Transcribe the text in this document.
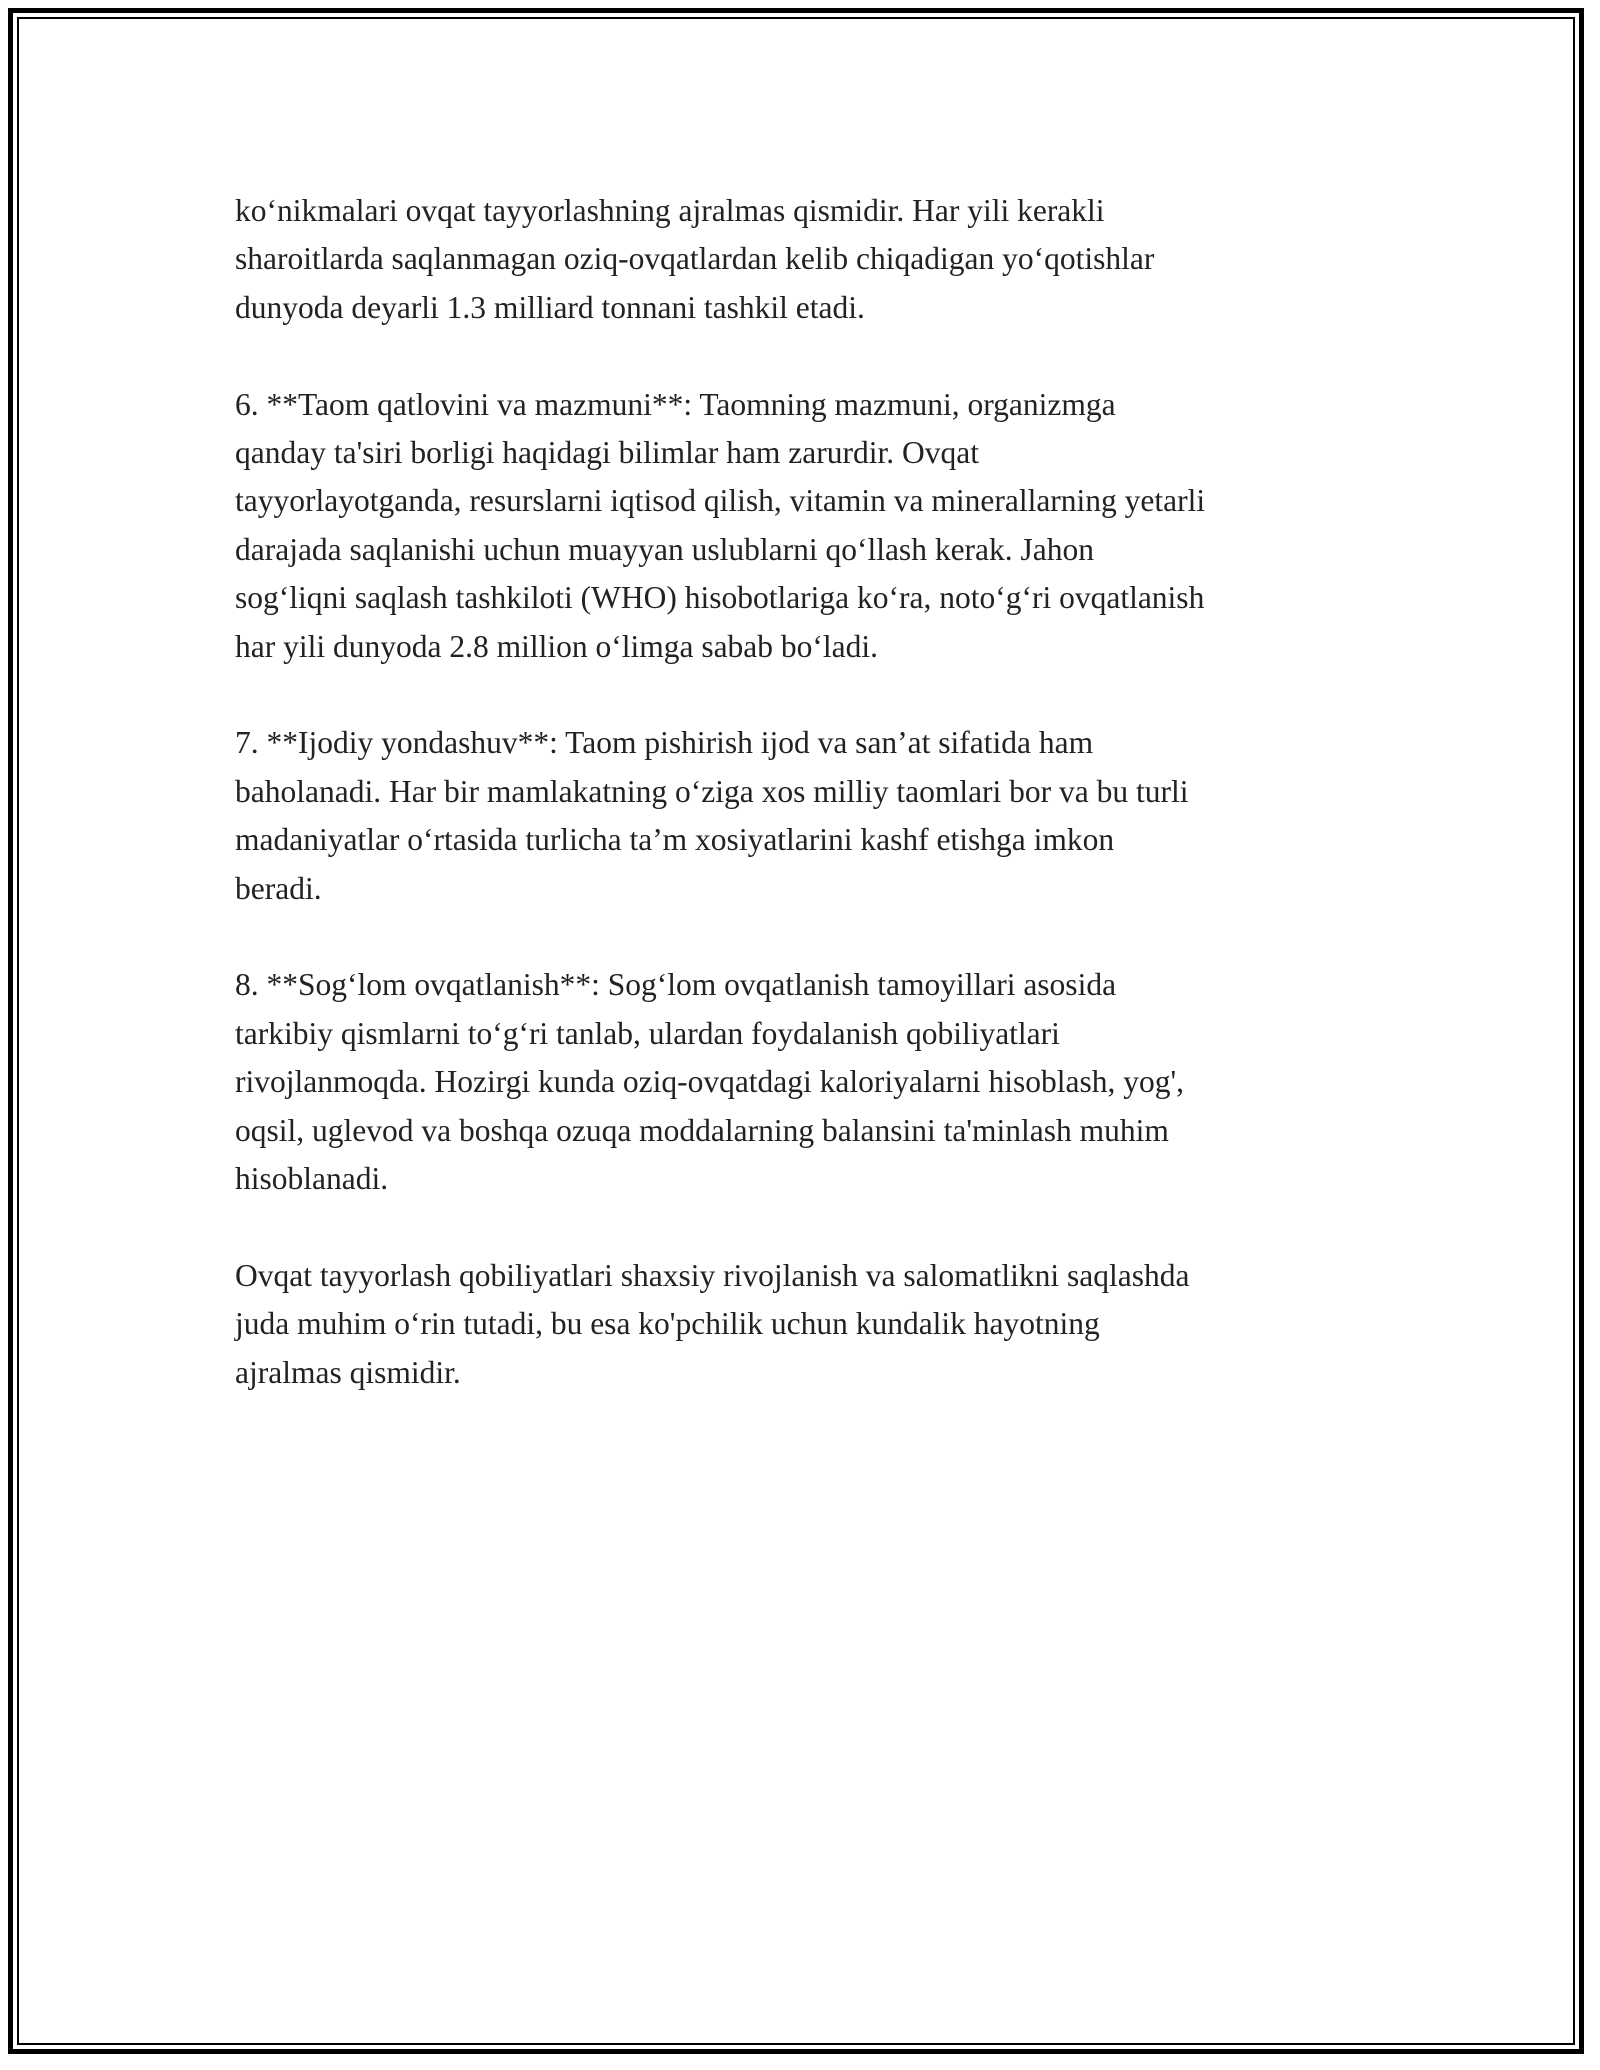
ko‘nikmalari ovqat tayyorlashning ajralmas qismidir. Har yili kerakli
sharoitlarda saqlanmagan oziq-ovqatlardan kelib chiqadigan yo‘qotishlar
dunyoda deyarli 1.3 milliard tonnani tashkil etadi.

6. **Taom qatlovini va mazmuni**: Taomning mazmuni, organizmga
qanday ta'siri borligi haqidagi bilimlar ham zarurdir. Ovqat
tayyorlayotganda, resurslarni iqtisod qilish, vitamin va minerallarning yetarli
darajada saqlanishi uchun muayyan uslublarni qo‘llash kerak. Jahon
sog‘liqni saqlash tashkiloti (WHO) hisobotlariga ko‘ra, noto‘g‘ri ovqatlanish
har yili dunyoda 2.8 million o‘limga sabab bo‘ladi.

7. **Ijodiy yondashuv**: Taom pishirish ijod va san’at sifatida ham
baholanadi. Har bir mamlakatning o‘ziga xos milliy taomlari bor va bu turli
madaniyatlar o‘rtasida turlicha ta’m xosiyatlarini kashf etishga imkon
beradi.

8. **Sog‘lom ovqatlanish**: Sog‘lom ovqatlanish tamoyillari asosida
tarkibiy qismlarni to‘g‘ri tanlab, ulardan foydalanish qobiliyatlari
rivojlanmoqda. Hozirgi kunda oziq-ovqatdagi kaloriyalarni hisoblash, yog',
oqsil, uglevod va boshqa ozuqa moddalarning balansini ta'minlash muhim
hisoblanadi.

Ovqat tayyorlash qobiliyatlari shaxsiy rivojlanish va salomatlikni saqlashda
juda muhim o‘rin tutadi, bu esa ko'pchilik uchun kundalik hayotning
ajralmas qismidir.
